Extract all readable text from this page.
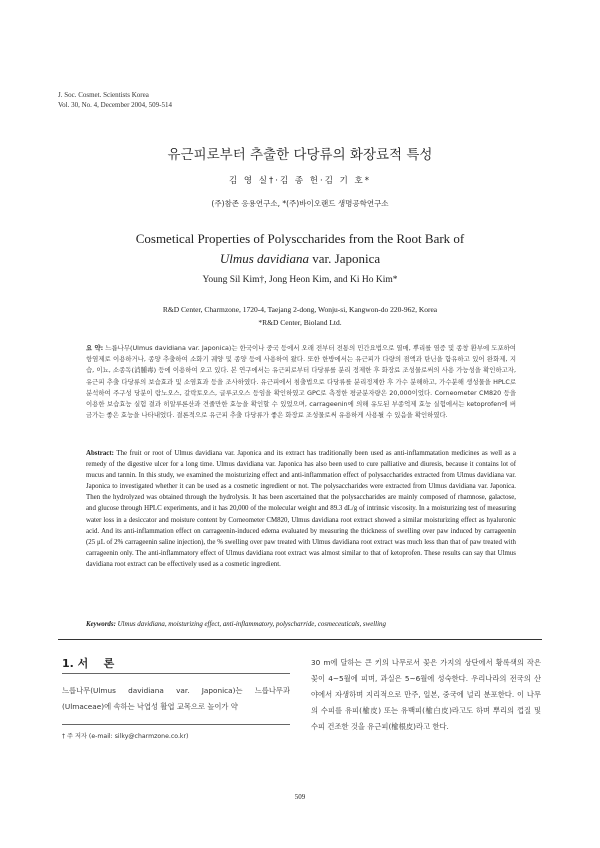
J. Soc. Cosmet. Scientists Korea
Vol. 30, No. 4, December 2004, 509-514
유근피로부터 추출한 다당류의 화장료적 특성
김 영 실†·김 종 헌·김 기 호*
(주)참존 응용연구소, *(주)바이오랜드 생명공학연구소
Cosmetical Properties of Polysccharides from the Root Bark of
Ulmus davidiana var. Japonica
Young Sil Kim†, Jong Heon Kim, and Ki Ho Kim*
R&D Center, Charmzone, 1720-4, Taejang 2-dong, Wonju-si, Kangwon-do 220-962, Korea
*R&D Center, Bioland Ltd.

요 약: 느릅나무(Ulmus davidiana var. Japonica)는 한국이나 중국 등에서 오래 전부터 전통의 민간요법으로 열매, 뿌리를 염증 및 종창 환부에 도포하여 항염제로 이용하거나, 종양 추출하여 소화기 궤양 및 종양 등에 사용하여 왔다. 또한 한방에서는 유근피가 다량의 점액과 탄닌을 함유하고 있어 완화제, 지습, 이뇨, 소종독(消腫毒) 등에 이용하여 오고 있다. 본 연구에서는 유근피로부터 다당류를 분리 정제한 후 화장료 조성물로써의 사용 가능성을 확인하고자, 유근피 추출 다당류의 보습효과 및 소염효과 등을 조사하였다. 유근피에서 침출법으로 다당류를 분리정제한 후 가수 분해하고, 가수분해 생성물을 HPLC로 분석하여 주구성 당분이 람노오스, 갈락토오스, 글루코오스 등임을 확인하였고 GPC로 측정한 평균분자량은 20,000이었다. Corneometer CM820 등을 이용한 보습효능 실험 결과 히알루론산과 견줄만한 효능을 확인할 수 있었으며, carrageenin에 의해 유도된 부종억제 효능 실험에서는 ketoprofen에 버금가는 좋은 효능을 나타내었다. 결론적으로 유근피 추출 다당류가 좋은 화장료 조성물로써 유용하게 사용될 수 있음을 확인하였다.

Abstract: The fruit or root of Ulmus davidiana var. Japonica and its extract has traditionally been used as anti-inflammatation medicines as well as a remedy of the digestive ulcer for a long time. Ulmus davidiana var. Japonica has also been used to cure palliative and diuresis, because it contains lot of mucus and tannin. In this study, we examined the moisturizing effect and anti-inflammation effect of polysaccharides extracted from Ulmus davidiana var. Japonica to investigated whether it can be used as a cosmetic ingredient or not. The polysaccharides were extracted from Ulmus davidiana var. Japonica. Then the hydrolyzed was obtained through the hydrolysis. It has been ascertained that the polysaccharides are mainly composed of rhamnose, galactose, and glucose through HPLC experiments, and it has 20,000 of the molecular weight and 89.3 dL/g of intrinsic viscosity. In a moisturizing test of measuring water loss in a desiccator and moisture content by Corneometer CM820, Ulmus davidiana root extract showed a similar moisturizing effect as hyaluronic acid. And its anti-inflammation effect on carrageenin-induced edema evaluated by measuring the thickness of swelling over paw induced by carrageenin (25 μL of 2% carrageenin saline injection), the % swelling over paw treated with Ulmus davidiana root extract was much less than that of paw treated with carrageenin only. The anti-inflammatory effect of Ulmus davidiana root extract was almost similar to that of ketoprofen. These results can say that Ulmus davidiana root extract can be effectively used as a cosmetic ingredient.

Keywords: Ulmus davidiana, moisturizing effect, anti-inflammatory, polyscharride, cosmeceuticals, swelling
1. 서 론
느릅나무(Ulmus davidiana var. Japonica)는 느릅나무과(Ulmaceae)에 속하는 낙엽성 활엽 교목으로 높이가 약
30 m에 달하는 큰 키의 나무로서 꽃은 가지의 상단에서 황록색의 작은 꽃이 4~5월에 피며, 과실은 5~6월에 성숙한다. 우리나라의 전국의 산야에서 자생하며 지리적으로 만주, 일본, 중국에 널리 분포한다. 이 나무의 수피를 유피(楡皮) 또는 유백피(楡白皮)라고도 하며 뿌리의 껍질 및 수피 건조한 것을 유근피(楡根皮)라고 한다.
† 주 저자 (e-mail: silky@charmzone.co.kr)
509
